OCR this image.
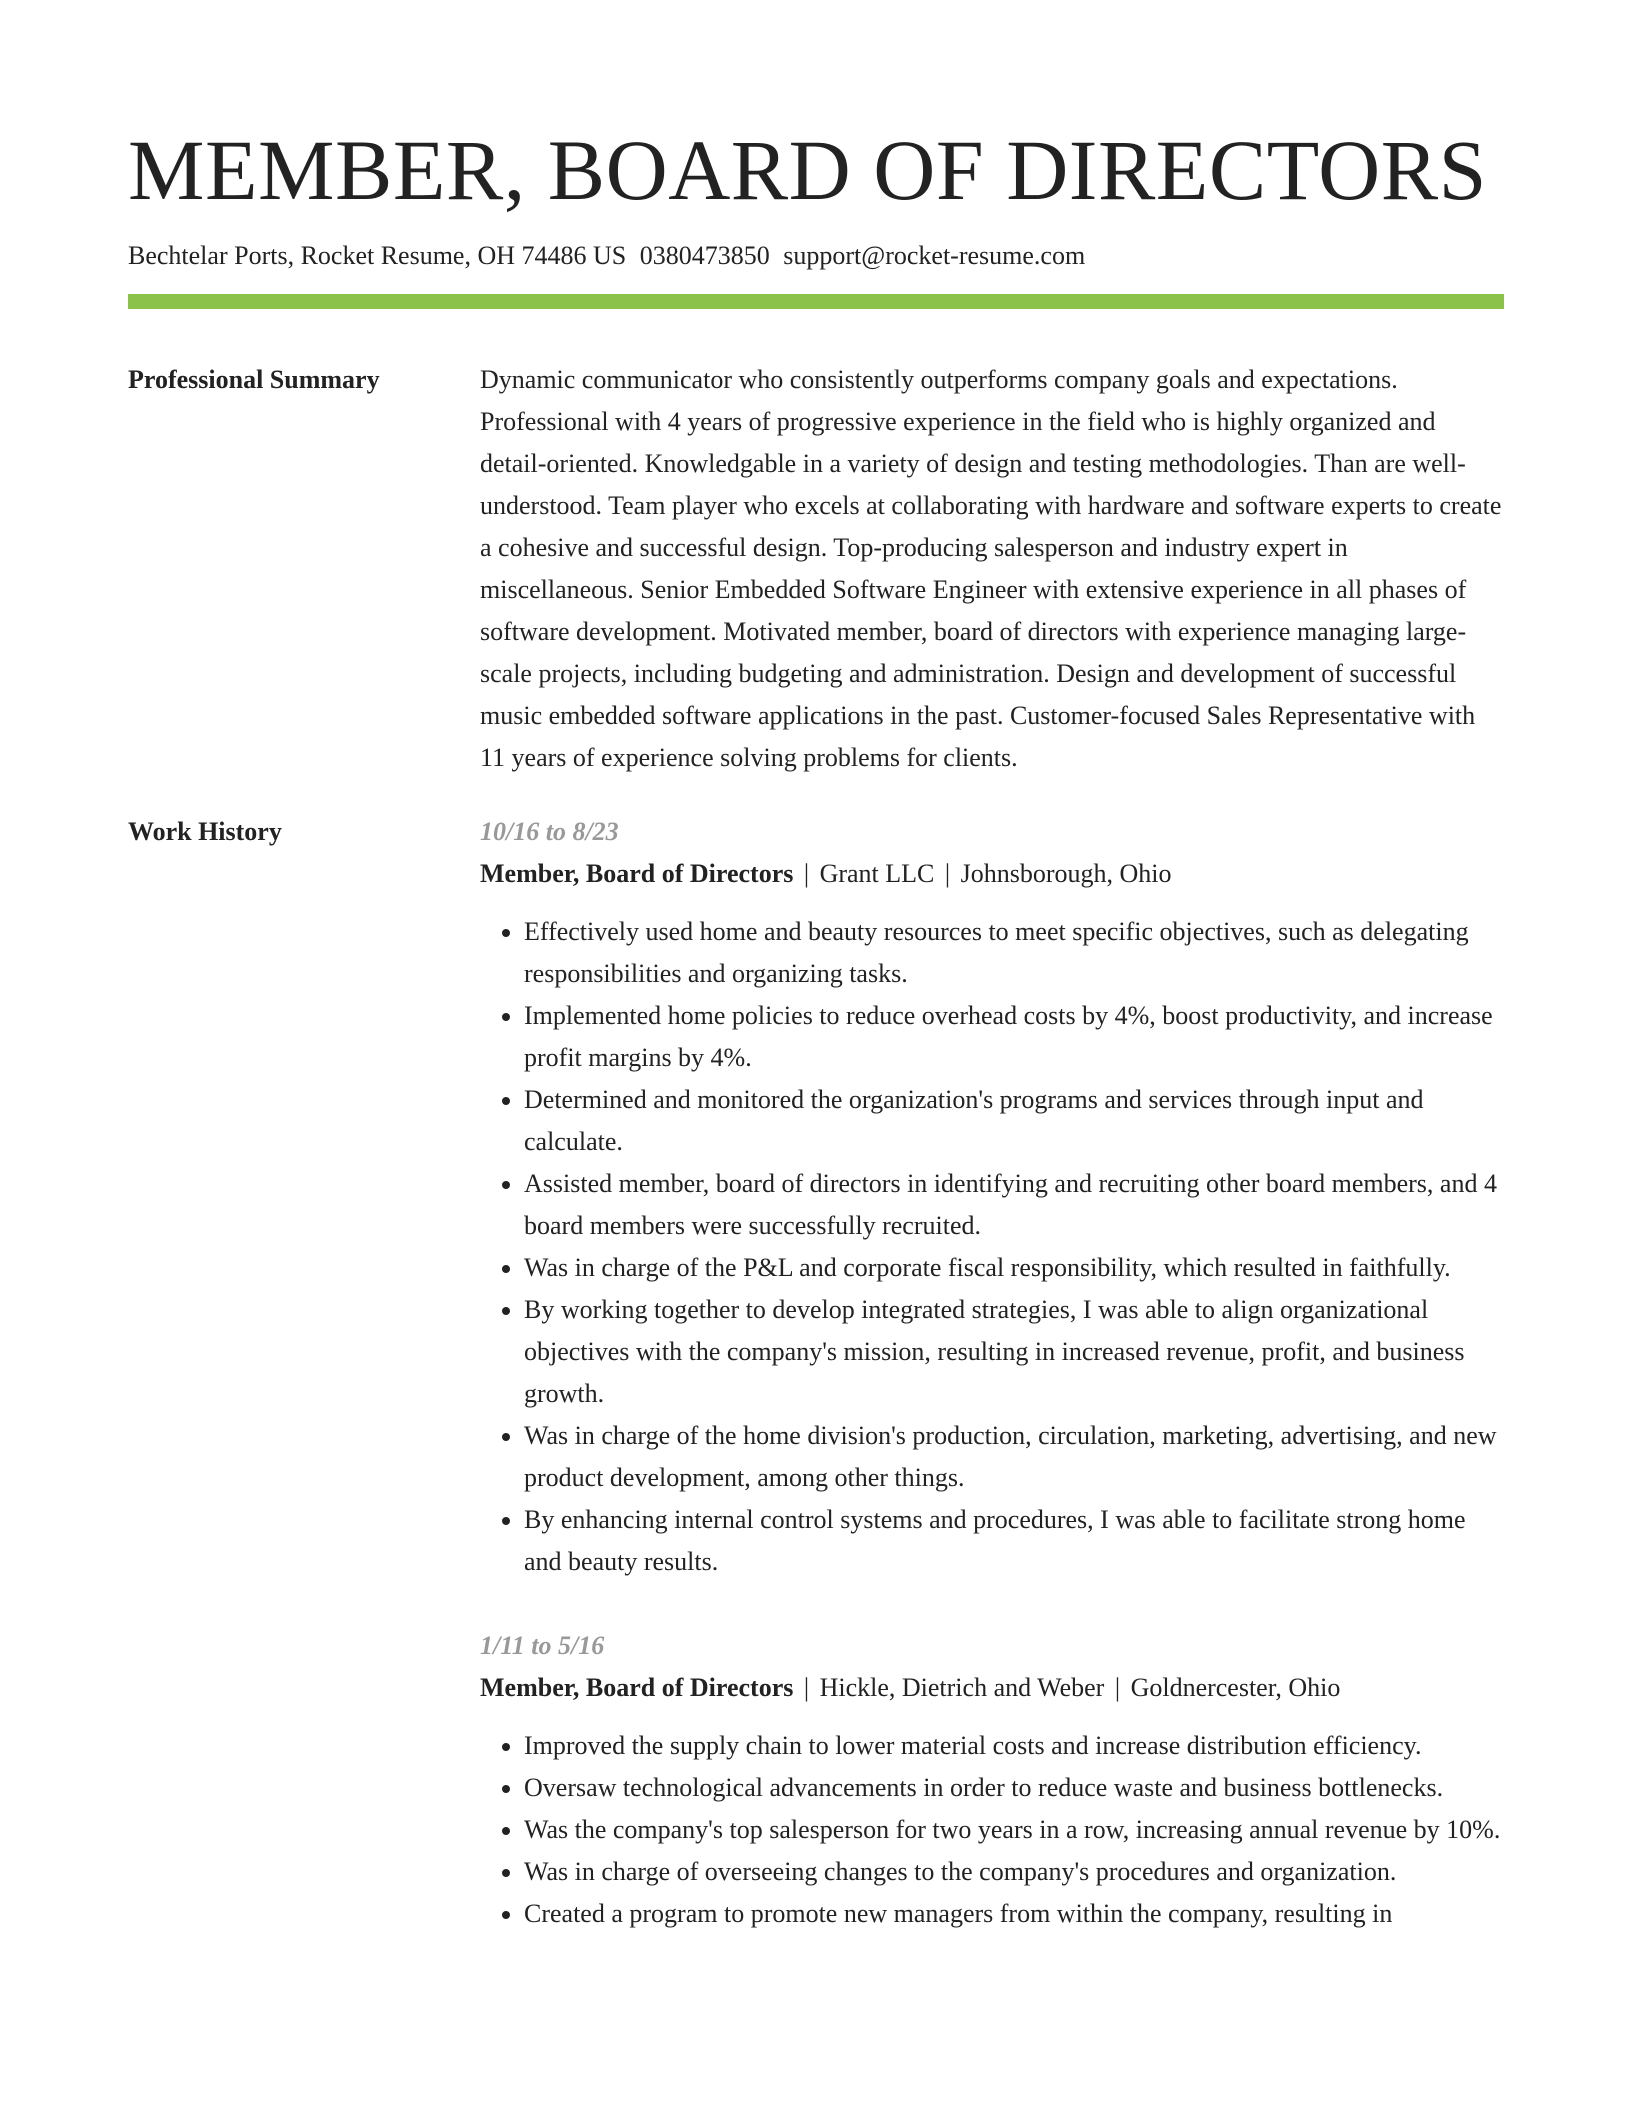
MEMBER, BOARD OF DIRECTORS
Bechtelar Ports, Rocket Resume, OH 74486 US 0380473850 support@rocket-resume.com
Professional Summary	Dynamic communicator who consistently outperforms company goals and expectations. Professional with 4 years of progressive experience in the field who is highly organized and detail-oriented. Knowledgable in a variety of design and testing methodologies. Than are well-understood. Team player who excels at collaborating with hardware and software experts to create a cohesive and successful design. Top-producing salesperson and industry expert in miscellaneous. Senior Embedded Software Engineer with extensive experience in all phases of software development. Motivated member, board of directors with experience managing large-scale projects, including budgeting and administration. Design and development of successful music embedded software applications in the past. Customer-focused Sales Representative with 11 years of experience solving problems for clients.

Work History	10/16 to 8/23
Member, Board of Directors | Grant LLC | Johnsborough, Ohio
• Effectively used home and beauty resources to meet specific objectives, such as delegating responsibilities and organizing tasks.
• Implemented home policies to reduce overhead costs by 4%, boost productivity, and increase profit margins by 4%.
• Determined and monitored the organization's programs and services through input and calculate.
• Assisted member, board of directors in identifying and recruiting other board members, and 4 board members were successfully recruited.
• Was in charge of the P&L and corporate fiscal responsibility, which resulted in faithfully.
• By working together to develop integrated strategies, I was able to align organizational objectives with the company's mission, resulting in increased revenue, profit, and business growth.
• Was in charge of the home division's production, circulation, marketing, advertising, and new product development, among other things.
• By enhancing internal control systems and procedures, I was able to facilitate strong home and beauty results.
1/11 to 5/16
Member, Board of Directors | Hickle, Dietrich and Weber | Goldnercester, Ohio
• Improved the supply chain to lower material costs and increase distribution efficiency.
• Oversaw technological advancements in order to reduce waste and business bottlenecks.
• Was the company's top salesperson for two years in a row, increasing annual revenue by 10%.
• Was in charge of overseeing changes to the company's procedures and organization.
• Created a program to promote new managers from within the company, resulting in
